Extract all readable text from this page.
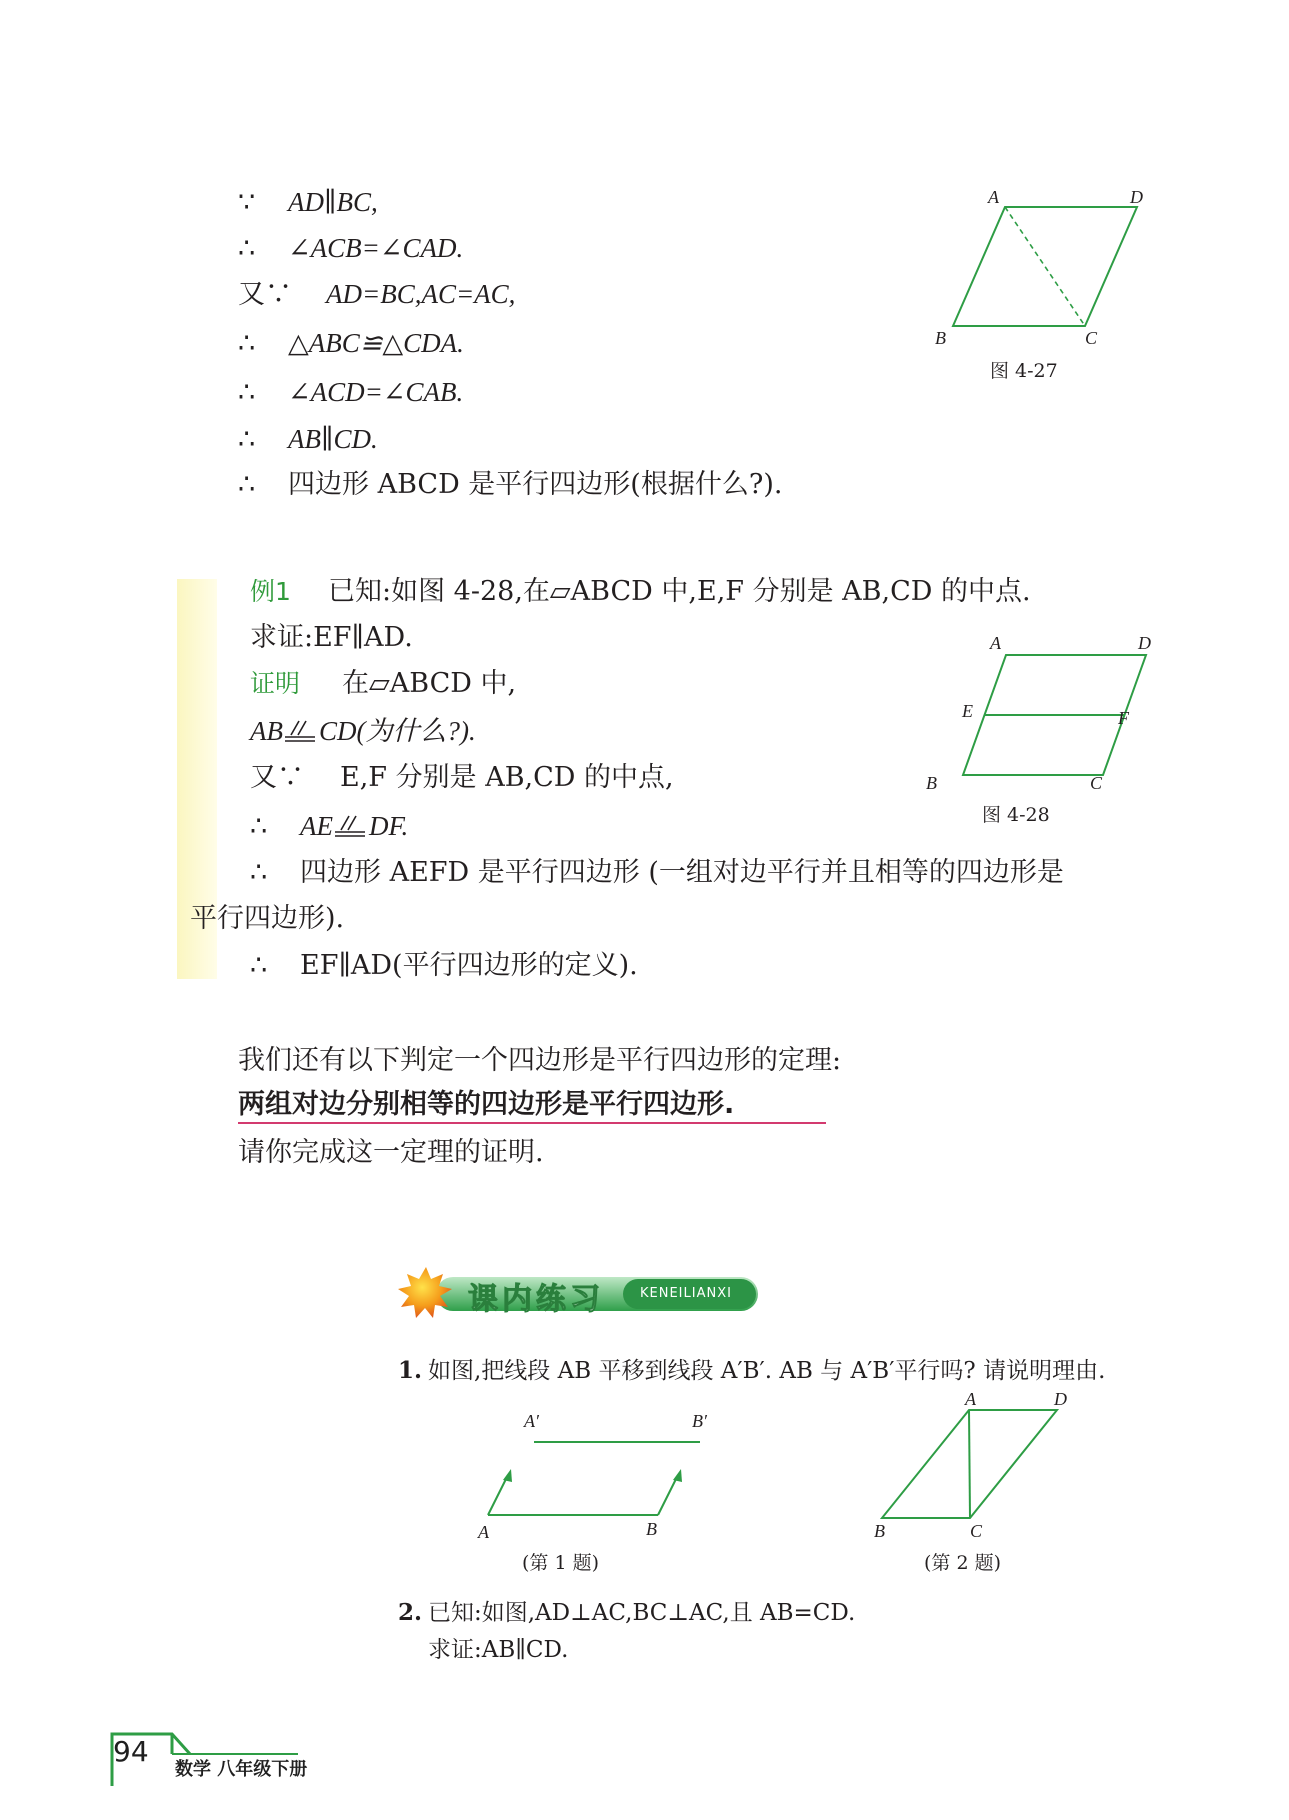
∵ AD∥BC,
∴ ∠ACB=∠CAD.
又∵ AD=BC,AC=AC,
∴ △ABC≌△CDA.
∴ ∠ACD=∠CAB.
∴ AB∥CD.
∴ 四边形 ABCD 是平行四边形(根据什么?).
A	D
B	C
图 4-27
例1 已知:如图 4-28,在▱ABCD 中,E,F 分别是 AB,CD 的中点.
求证:EF∥AD.
证明 在▱ABCD 中,
AB CD(为什么?).
又∵ E,F 分别是 AB,CD 的中点,
∴ AE DF.
∴ 四边形 AEFD 是平行四边形 (一组对边平行并且相等的四边形是
平行四边形).
∴ EF∥AD(平行四边形的定义).
A	D
E	F
B	C
图 4-28
我们还有以下判定一个四边形是平行四边形的定理:
两组对边分别相等的四边形是平行四边形.
请你完成这一定理的证明.
课内练习	KENEILIANXI
1. 如图,把线段 AB 平移到线段 A′B′. AB 与 A′B′平行吗? 请说明理由.
A′	B′
A	B
(第 1 题)
A	D
B	C
(第 2 题)
2. 已知:如图,AD⊥AC,BC⊥AC,且 AB=CD.
求证:AB∥CD.
94
数学 八年级下册
